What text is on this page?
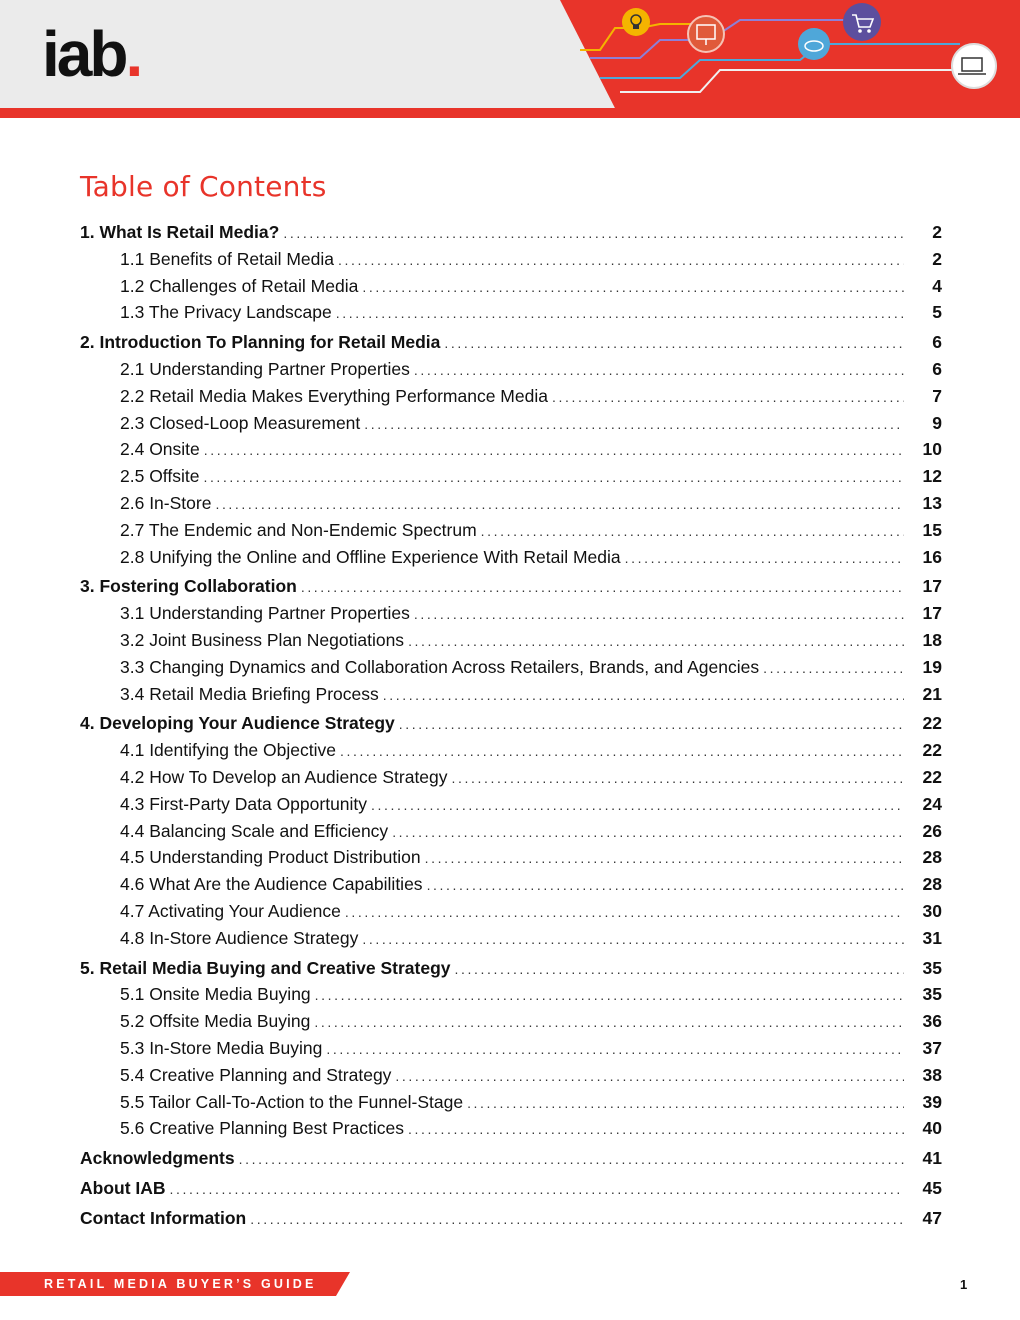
iab.
Table of Contents
1. What Is Retail Media? .....	2
1.1 Benefits of Retail Media .....	2
1.2 Challenges of Retail Media .....	4
1.3 The Privacy Landscape .....	5
2. Introduction To Planning for Retail Media .....	6
2.1 Understanding Partner Properties .....	6
2.2 Retail Media Makes Everything Performance Media .....	7
2.3 Closed-Loop Measurement .....	9
2.4 Onsite .....	10
2.5 Offsite .....	12
2.6 In-Store .....	13
2.7 The Endemic and Non-Endemic Spectrum .....	15
2.8 Unifying the Online and Offline Experience With Retail Media .....	16
3. Fostering Collaboration .....	17
3.1 Understanding Partner Properties .....	17
3.2 Joint Business Plan Negotiations .....	18
3.3 Changing Dynamics and Collaboration Across Retailers, Brands, and Agencies .....	19
3.4 Retail Media Briefing Process .....	21
4. Developing Your Audience Strategy .....	22
4.1 Identifying the Objective .....	22
4.2 How To Develop an Audience Strategy .....	22
4.3 First-Party Data Opportunity .....	24
4.4 Balancing Scale and Efficiency .....	26
4.5 Understanding Product Distribution .....	28
4.6 What Are the Audience Capabilities .....	28
4.7 Activating Your Audience .....	30
4.8 In-Store Audience Strategy .....	31
5. Retail Media Buying and Creative Strategy .....	35
5.1 Onsite Media Buying .....	35
5.2 Offsite Media Buying .....	36
5.3 In-Store Media Buying .....	37
5.4 Creative Planning and Strategy .....	38
5.5 Tailor Call-To-Action to the Funnel-Stage .....	39
5.6 Creative Planning Best Practices .....	40
Acknowledgments .....	41
About IAB .....	45
Contact Information .....	47
RETAIL MEDIA BUYER’S GUIDE	1
